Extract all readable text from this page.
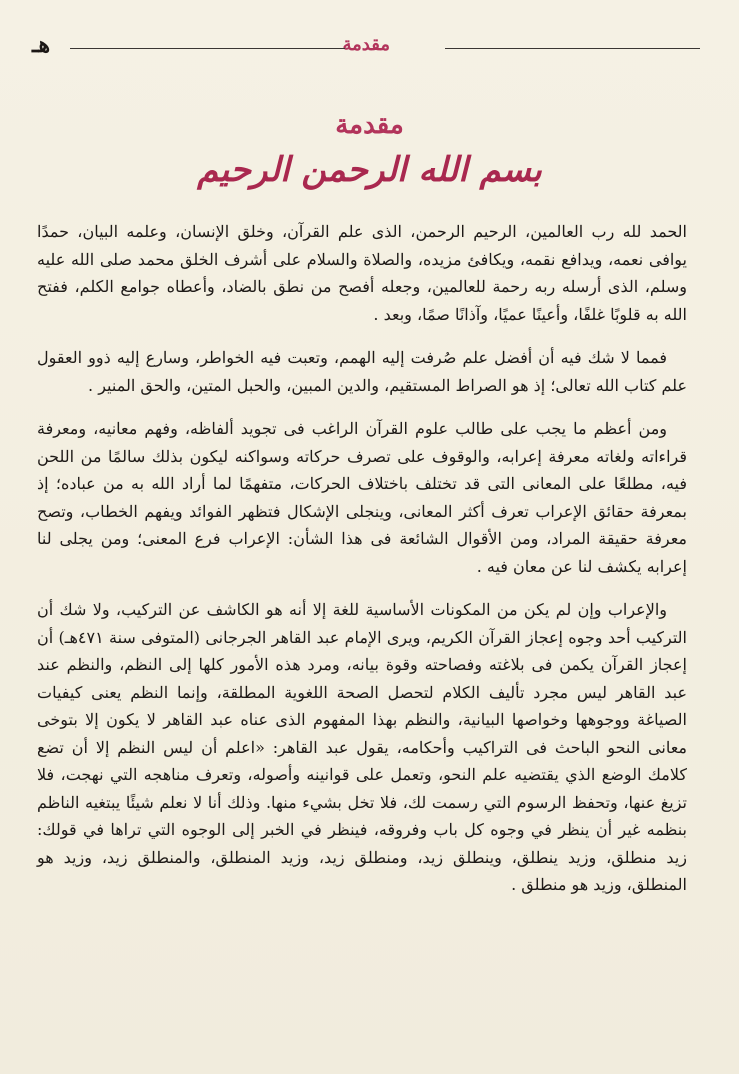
مقدمة
هـ
مقدمة
بسم الله الرحمن الرحيم

الحمد لله رب العالمين، الرحيم الرحمن، الذى علم القرآن، وخلق الإنسان، وعلمه البيان، حمدًا يوافى نعمه، ويدافع نقمه، ويكافئ مزيده، والصلاة والسلام على أشرف الخلق محمد صلى الله عليه وسلم، الذى أرسله ربه رحمة للعالمين، وجعله أفصح من نطق بالضاد، وأعطاه جوامع الكلم، ففتح الله به قلوبًا غلفًا، وأعينًا عميًا، وآذانًا صمًا، وبعد .

فمما لا شك فيه أن أفضل علم صُرفت إليه الهمم، وتعبت فيه الخواطر، وسارع إليه ذوو العقول علم كتاب الله تعالى؛ إذ هو الصراط المستقيم، والدين المبين، والحبل المتين، والحق المنير .

ومن أعظم ما يجب على طالب علوم القرآن الراغب فى تجويد ألفاظه، وفهم معانيه، ومعرفة قراءاته ولغاته معرفة إعرابه، والوقوف على تصرف حركاته وسواكنه ليكون بذلك سالمًا من اللحن فيه، مطلعًا على المعانى التى قد تختلف باختلاف الحركات، متفهمًا لما أراد الله به من عباده؛ إذ بمعرفة حقائق الإعراب تعرف أكثر المعانى، وينجلى الإشكال فتظهر الفوائد ويفهم الخطاب، وتصح معرفة حقيقة المراد، ومن الأقوال الشائعة فى هذا الشأن: الإعراب فرع المعنى؛ ومن يجلى لنا إعرابه يكشف لنا عن معان فيه .

والإعراب وإن لم يكن من المكونات الأساسية للغة إلا أنه هو الكاشف عن التركيب، ولا شك أن التركيب أحد وجوه إعجاز القرآن الكريم، ويرى الإمام عبد القاهر الجرجانى (المتوفى سنة ٤٧١هـ) أن إعجاز القرآن يكمن فى بلاغته وفصاحته وقوة بيانه، ومرد هذه الأمور كلها إلى النظم، والنظم عند عبد القاهر ليس مجرد تأليف الكلام لتحصل الصحة اللغوية المطلقة، وإنما النظم يعنى كيفيات الصياغة ووجوهها وخواصها البيانية، والنظم بهذا المفهوم الذى عناه عبد القاهر لا يكون إلا بتوخى معانى النحو الباحث فى التراكيب وأحكامه، يقول عبد القاهر: «اعلم أن ليس النظم إلا أن تضع كلامك الوضع الذي يقتضيه علم النحو، وتعمل على قوانينه وأصوله، وتعرف مناهجه التي نهجت، فلا تزيغ عنها، وتحفظ الرسوم التي رسمت لك، فلا تخل بشيء منها. وذلك أنا لا نعلم شيئًا يبتغيه الناظم بنظمه غير أن ينظر في وجوه كل باب وفروقه، فينظر في الخبر إلى الوجوه التي تراها في قولك: زيد منطلق، وزيد ينطلق، وينطلق زيد، ومنطلق زيد، وزيد المنطلق، والمنطلق زيد، وزيد هو المنطلق، وزيد هو منطلق .
